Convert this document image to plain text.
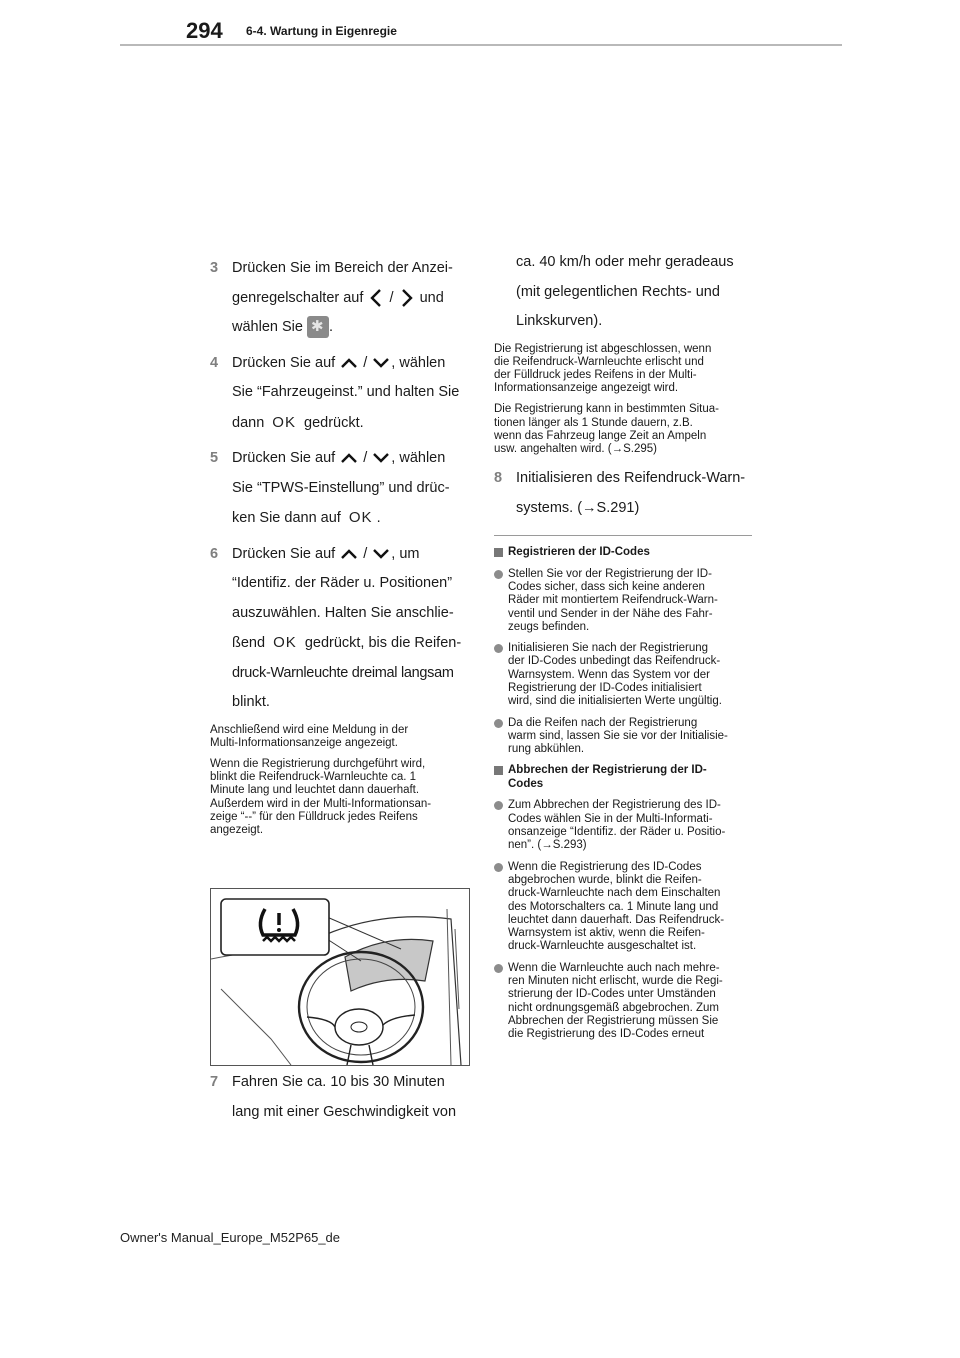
294 6-4. Wartung in Eigenregie
3 Drücken Sie im Bereich der Anzei-
genregelschalter auf / und
wählen Sie ✱ .
4 Drücken Sie auf / , wählen
Sie “Fahrzeugeinst.” und halten Sie
dann OK gedrückt.
5 Drücken Sie auf / , wählen
Sie “TPWS-Einstellung” und drüc-
ken Sie dann auf OK .
6 Drücken Sie auf / , um
“Identifiz. der Räder u. Positionen”
auszuwählen. Halten Sie anschlie-
ßend OK gedrückt, bis die Reifen-
druck-Warnleuchte dreimal langsam
blinkt.
Anschließend wird eine Meldung in der
Multi-Informationsanzeige angezeigt.
Wenn die Registrierung durchgeführt wird,
blinkt die Reifendruck-Warnleuchte ca. 1
Minute lang und leuchtet dann dauerhaft.
Außerdem wird in der Multi-Informationsan-
zeige “--” für den Fülldruck jedes Reifens
angezeigt.
7 Fahren Sie ca. 10 bis 30 Minuten
lang mit einer Geschwindigkeit von
ca. 40 km/h oder mehr geradeaus
(mit gelegentlichen Rechts- und
Linkskurven).
Die Registrierung ist abgeschlossen, wenn
die Reifendruck-Warnleuchte erlischt und
der Fülldruck jedes Reifens in der Multi-
Informationsanzeige angezeigt wird.
Die Registrierung kann in bestimmten Situa-
tionen länger als 1 Stunde dauern, z.B.
wenn das Fahrzeug lange Zeit an Ampeln
usw. angehalten wird. (→S.295)
8 Initialisieren des Reifendruck-Warn-
systems. (→S.291)
Registrieren der ID-Codes
Stellen Sie vor der Registrierung der ID-
Codes sicher, dass sich keine anderen
Räder mit montiertem Reifendruck-Warn-
ventil und Sender in der Nähe des Fahr-
zeugs befinden.
Initialisieren Sie nach der Registrierung
der ID-Codes unbedingt das Reifendruck-
Warnsystem. Wenn das System vor der
Registrierung der ID-Codes initialisiert
wird, sind die initialisierten Werte ungültig.
Da die Reifen nach der Registrierung
warm sind, lassen Sie sie vor der Initialisie-
rung abkühlen.
Abbrechen der Registrierung der ID-
Codes
Zum Abbrechen der Registrierung des ID-
Codes wählen Sie in der Multi-Informati-
onsanzeige “Identifiz. der Räder u. Positio-
nen”. (→S.293)
Wenn die Registrierung des ID-Codes
abgebrochen wurde, blinkt die Reifen-
druck-Warnleuchte nach dem Einschalten
des Motorschalters ca. 1 Minute lang und
leuchtet dann dauerhaft. Das Reifendruck-
Warnsystem ist aktiv, wenn die Reifen-
druck-Warnleuchte ausgeschaltet ist.
Wenn die Warnleuchte auch nach mehre-
ren Minuten nicht erlischt, wurde die Regi-
strierung der ID-Codes unter Umständen
nicht ordnungsgemäß abgebrochen. Zum
Abbrechen der Registrierung müssen Sie
die Registrierung des ID-Codes erneut
Owner's Manual_Europe_M52P65_de
